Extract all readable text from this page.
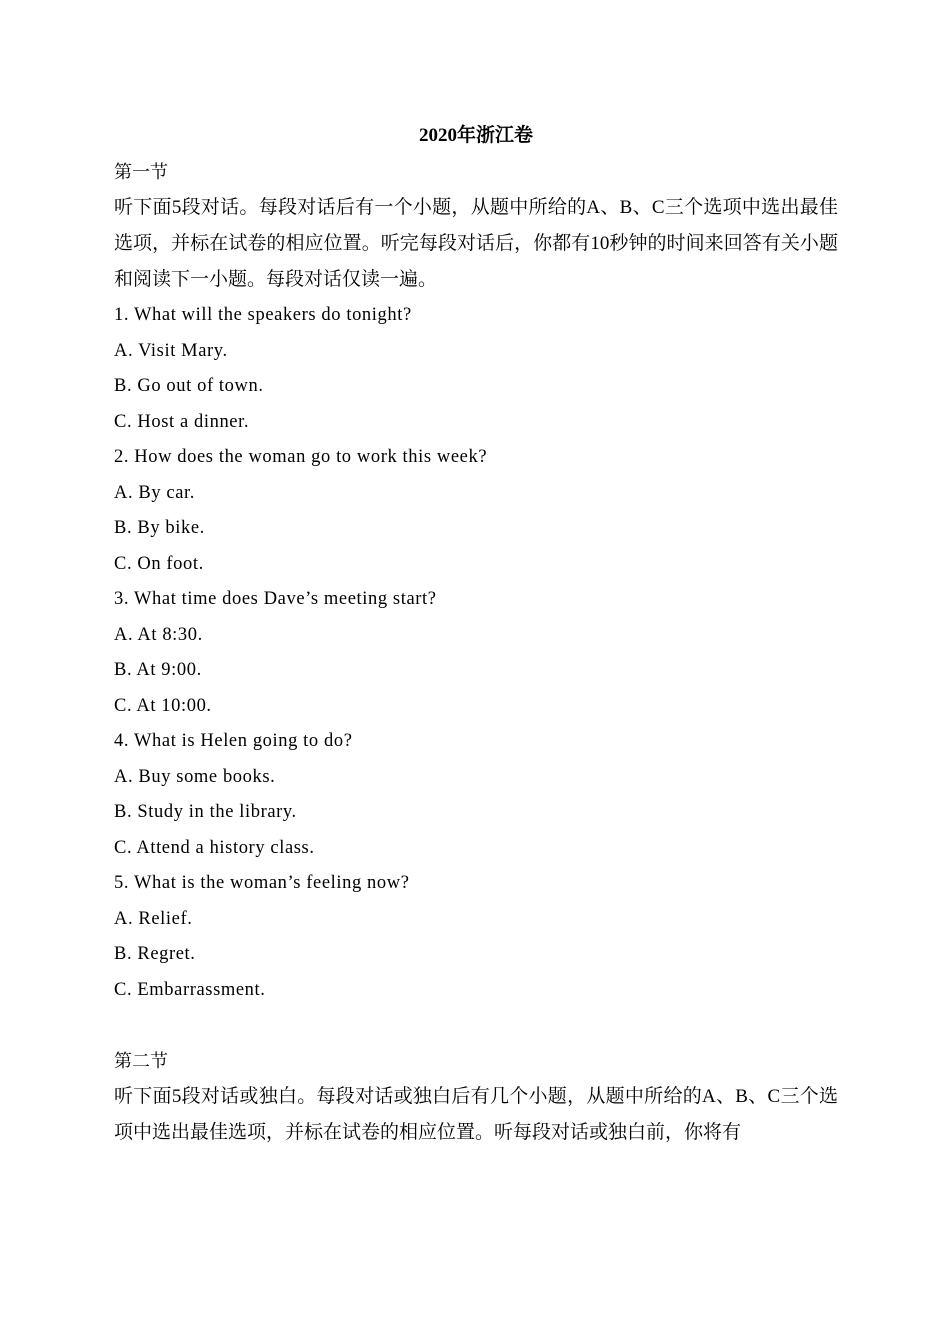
2020年浙江卷

第一节

听下面5段对话。每段对话后有一个小题，从题中所给的A、B、C三个选项中选出最佳选项，并标在试卷的相应位置。听完每段对话后，你都有10秒钟的时间来回答有关小题和阅读下一小题。每段对话仅读一遍。

1. What will the speakers do tonight?

A. Visit Mary.

B. Go out of town.

C. Host a dinner.

2. How does the woman go to work this week?

A. By car.

B. By bike.

C. On foot.

3. What time does Dave’s meeting start?

A. At 8:30.

B. At 9:00.

C. At 10:00.

4. What is Helen going to do?

A. Buy some books.

B. Study in the library.

C. Attend a history class.

5. What is the woman’s feeling now?

A. Relief.

B. Regret.

C. Embarrassment.

第二节

听下面5段对话或独白。每段对话或独白后有几个小题，从题中所给的A、B、C三个选项中选出最佳选项，并标在试卷的相应位置。听每段对话或独白前，你将有
